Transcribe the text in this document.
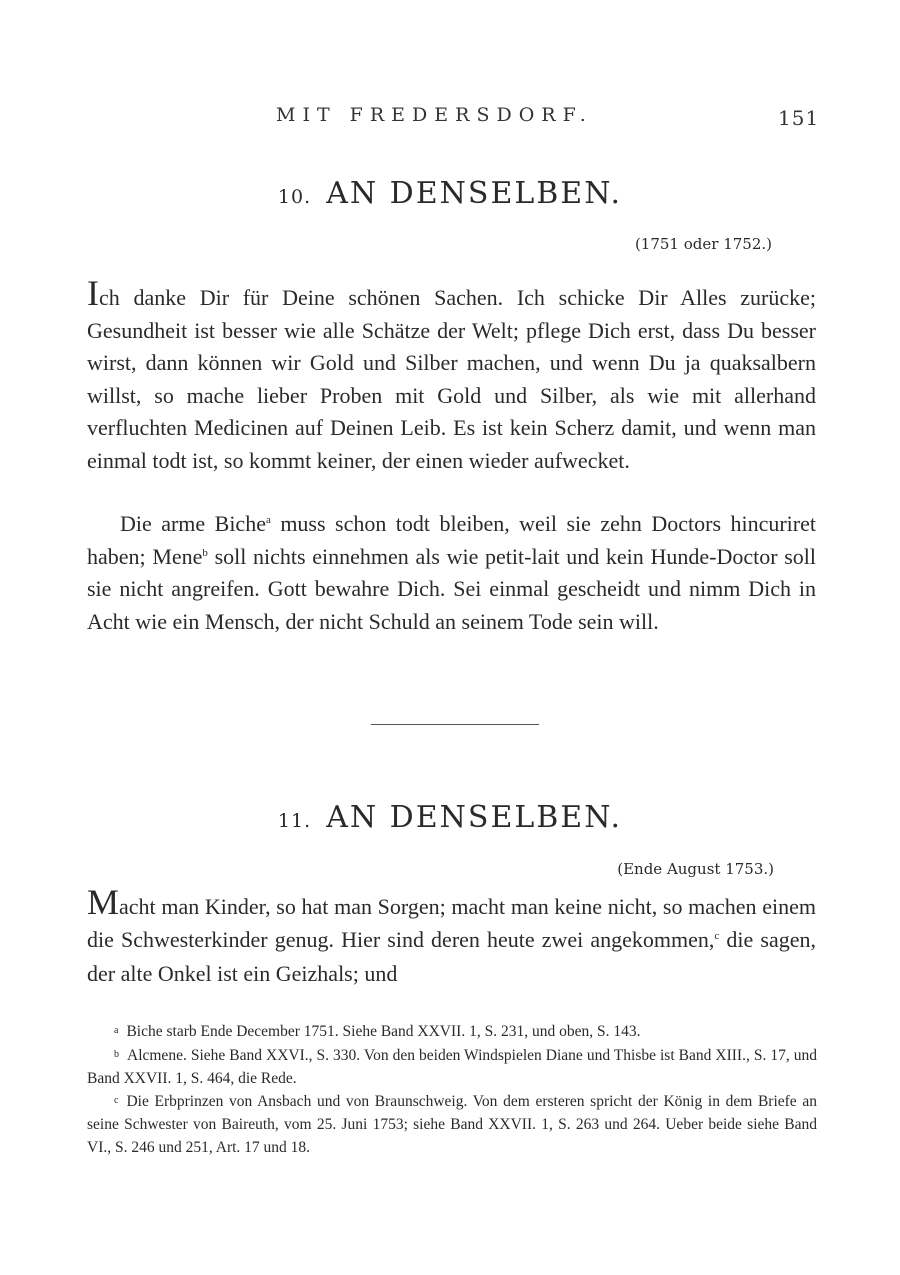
MIT FREDERSDORF.	151
10. AN DENSELBEN.
(1751 oder 1752.)
Ich danke Dir für Deine schönen Sachen. Ich schicke Dir Alles zurücke; Gesundheit ist besser wie alle Schätze der Welt; pflege Dich erst, dass Du besser wirst, dann können wir Gold und Silber machen, und wenn Du ja quaksalbern willst, so mache lieber Proben mit Gold und Silber, als wie mit allerhand verfluchten Medicinen auf Deinen Leib. Es ist kein Scherz damit, und wenn man einmal todt ist, so kommt keiner, der einen wieder aufwecket.
Die arme Biche$^a$ muss schon todt bleiben, weil sie zehn Doctors hincuriret haben; Mene$^b$ soll nichts einnehmen als wie petit-lait und kein Hunde-Doctor soll sie nicht angreifen. Gott bewahre Dich. Sei einmal gescheidt und nimm Dich in Acht wie ein Mensch, der nicht Schuld an seinem Tode sein will.
11. AN DENSELBEN.
(Ende August 1753.)
Macht man Kinder, so hat man Sorgen; macht man keine nicht, so machen einem die Schwesterkinder genug. Hier sind deren heute zwei angekommen,$^c$ die sagen, der alte Onkel ist ein Geizhals; und

a Biche starb Ende December 1751. Siehe Band XXVII. 1, S. 231, und oben, S. 143.

b Alcmene. Siehe Band XXVI., S. 330. Von den beiden Windspielen Diane und Thisbe ist Band XIII., S. 17, und Band XXVII. 1, S. 464, die Rede.

c Die Erbprinzen von Ansbach und von Braunschweig. Von dem ersteren spricht der König in dem Briefe an seine Schwester von Baireuth, vom 25. Juni 1753; siehe Band XXVII. 1, S. 263 und 264. Ueber beide siehe Band VI., S. 246 und 251, Art. 17 und 18.
